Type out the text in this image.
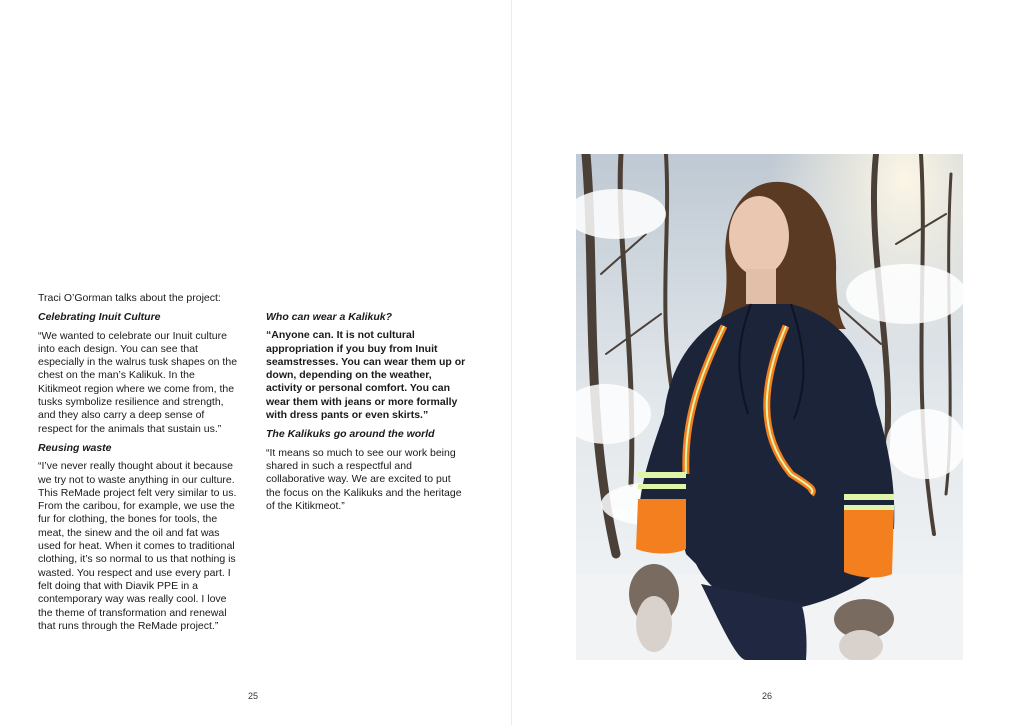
Traci O’Gorman talks about the project:

Celebrating Inuit Culture

“We wanted to celebrate our Inuit culture into each design. You can see that especially in the walrus tusk shapes on the chest on the man’s Kalikuk. In the Kitikmeot region where we come from, the tusks symbolize resilience and strength, and they also carry a deep sense of respect for the animals that sustain us.”

Reusing waste

“I’ve never really thought about it because we try not to waste anything in our culture. This ReMade project felt very similar to us. From the caribou, for example, we use the fur for clothing, the bones for tools, the meat, the sinew and the oil and fat was used for heat. When it comes to traditional clothing, it’s so normal to us that nothing is wasted. You respect and use every part. I felt doing that with Diavik PPE in a contemporary way was really cool. I love the theme of transformation and renewal that runs through the ReMade project.”

Who can wear a Kalikuk?

“Anyone can. It is not cultural appropriation if you buy from Inuit seamstresses. You can wear them up or down, depending on the weather, activity or personal comfort. You can wear them with jeans or more formally with dress pants or even skirts.”

The Kalikuks go around the world

“It means so much to see our work being shared in such a respectful and collaborative way. We are excited to put the focus on the Kalikuks and the heritage of the Kitikmeot.”

25	26
